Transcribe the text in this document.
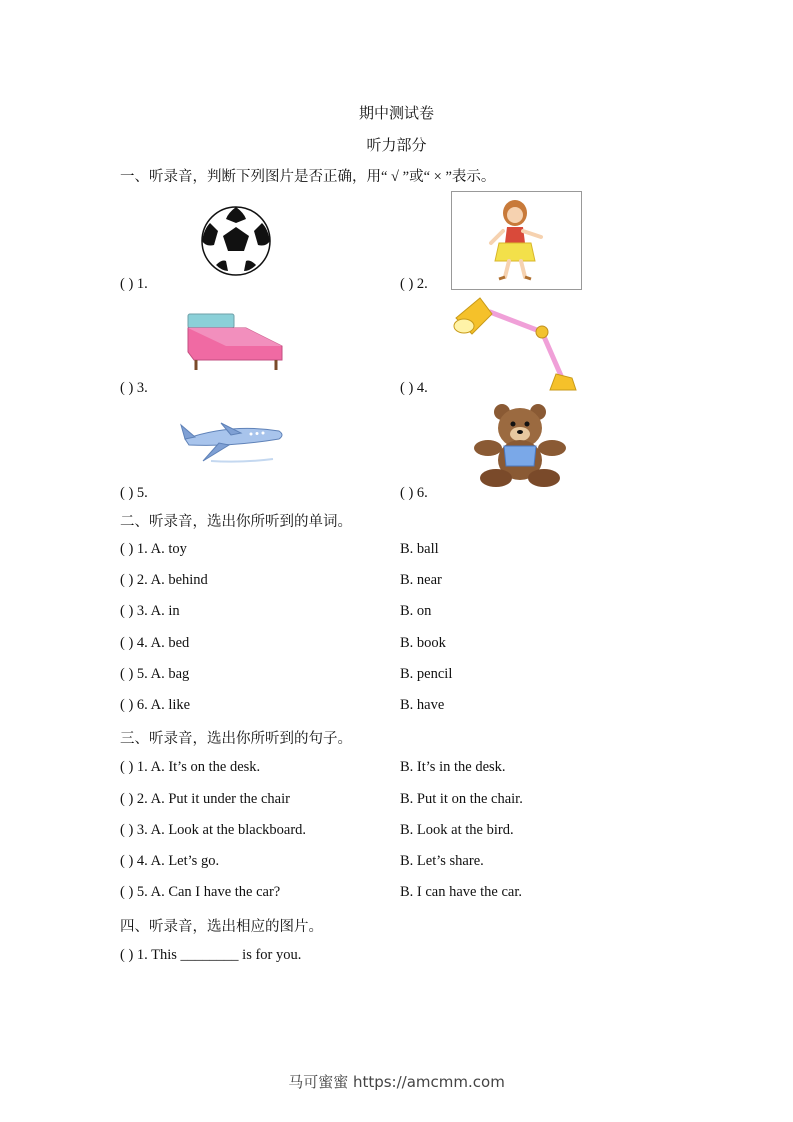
期中测试卷
听力部分
一、听录音，判断下列图片是否正确，用“ √ ”或“ × ”表示。
( ) 1.	( ) 2.
( ) 3.	( ) 4.
( ) 5.	( ) 6.
二、听录音，选出你所听到的单词。
( ) 1. A. toy	B. ball
( ) 2. A. behind	B. near
( ) 3. A. in	B. on
( ) 4. A. bed	B. book
( ) 5. A. bag	B. pencil
( ) 6. A. like	B. have
三、听录音，选出你所听到的句子。
( ) 1. A. It’s on the desk.	B. It’s in the desk.
( ) 2. A. Put it under the chair	B. Put it on the chair.
( ) 3. A. Look at the blackboard.	B. Look at the bird.
( ) 4. A. Let’s go.	B. Let’s share.
( ) 5. A. Can I have the car?	B. I can have the car.
四、听录音，选出相应的图片。
( ) 1. This ________ is for you.
马可蜜蜜 https://amcmm.com
